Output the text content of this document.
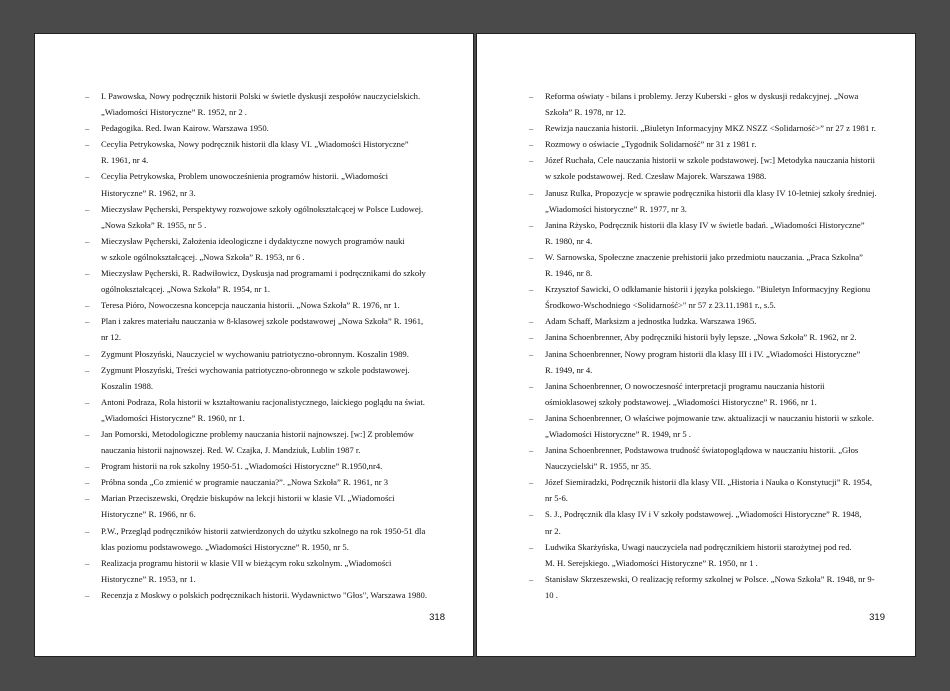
– I. Pawowska, Nowy podręcznik historii Polski w świetle dyskusji zespołów nauczycielskich.
„Wiadomości Historyczne” R. 1952, nr 2 .
– Pedagogika. Red. Iwan Kairow. Warszawa 1950.
– Cecylia Petrykowska, Nowy podręcznik historii dla klasy VI. „Wiadomości Historyczne”
R. 1961, nr 4.
– Cecylia Petrykowska, Problem unowocześnienia programów historii. „Wiadomości
Historyczne” R. 1962, nr 3.
– Mieczysław Pęcherski, Perspektywy rozwojowe szkoły ogólnokształcącej w Polsce Ludowej.
„Nowa Szkoła” R. 1955, nr 5 .
– Mieczysław Pęcherski, Założenia ideologiczne i dydaktyczne nowych programów nauki
w szkole ogólnokształcącej. „Nowa Szkoła” R. 1953, nr 6 .
– Mieczysław Pęcherski, R. Radwiłowicz, Dyskusja nad programami i podręcznikami do szkoły
ogólnokształcącej. „Nowa Szkoła” R. 1954, nr 1.
– Teresa Pióro, Nowoczesna koncepcja nauczania historii. „Nowa Szkoła” R. 1976, nr 1.
– Plan i zakres materiału nauczania w 8-klasowej szkole podstawowej „Nowa Szkoła” R. 1961,
nr 12.
– Zygmunt Płoszyński, Nauczyciel w wychowaniu patriotyczno-obronnym. Koszalin 1989.
– Zygmunt Płoszyński, Treści wychowania patriotyczno-obronnego w szkole podstawowej.
Koszalin 1988.
– Antoni Podraza, Rola historii w kształtowaniu racjonalistycznego, laickiego poglądu na świat.
„Wiadomości Historyczne” R. 1960, nr 1.
– Jan Pomorski, Metodologiczne problemy nauczania historii najnowszej. [w:] Z problemów
nauczania historii najnowszej. Red. W. Czajka, J. Mandziuk, Lublin 1987 r.
– Program historii na rok szkolny 1950-51. „Wiadomości Historyczne” R.1950,nr4.
– Próbna sonda „Co zmienić w programie nauczania?”. „Nowa Szkoła” R. 1961, nr 3
– Marian Przeciszewski, Orędzie biskupów na lekcji historii w klasie VI. „Wiadomości
Historyczne” R. 1966, nr 6.
– P.W., Przegląd podręczników historii zatwierdzonych do użytku szkolnego na rok 1950-51 dla
klas poziomu podstawowego. „Wiadomości Historyczne” R. 1950, nr 5.
– Realizacja programu historii w klasie VII w bieżącym roku szkolnym. „Wiadomości
Historyczne” R. 1953, nr 1.
– Recenzja z Moskwy o polskich podręcznikach historii. Wydawnictwo "Głos", Warszawa 1980.
318
– Reforma oświaty - bilans i problemy. Jerzy Kuberski - głos w dyskusji redakcyjnej. „Nowa
Szkoła” R. 1978, nr 12.
– Rewizja nauczania historii. „Biuletyn Informacyjny MKZ NSZZ <Solidarność>” nr 27 z 1981 r.
– Rozmowy o oświacie „Tygodnik Solidarność” nr 31 z 1981 r.
– Józef Ruchała, Cele nauczania historii w szkole podstawowej. [w:] Metodyka nauczania historii
w szkole podstawowej. Red. Czesław Majorek. Warszawa 1988.
– Janusz Rulka, Propozycje w sprawie podręcznika historii dla klasy IV 10-letniej szkoły średniej.
„Wiadomości historyczne” R. 1977, nr 3.
– Janina Rżysko, Podręcznik historii dla klasy IV w świetle badań. „Wiadomości Historyczne”
R. 1980, nr 4.
– W. Sarnowska, Społeczne znaczenie prehistorii jako przedmiotu nauczania. „Praca Szkolna”
R. 1946, nr 8.
– Krzysztof Sawicki, O odkłamanie historii i języka polskiego. "Biuletyn Informacyjny Regionu
Środkowo-Wschodniego <Solidarność>" nr 57 z 23.11.1981 r., s.5.
– Adam Schaff, Marksizm a jednostka ludzka. Warszawa 1965.
– Janina Schoenbrenner, Aby podręczniki historii były lepsze. „Nowa Szkoła” R. 1962, nr 2.
– Janina Schoenbrenner, Nowy program historii dla klasy III i IV. „Wiadomości Historyczne”
R. 1949, nr 4.
– Janina Schoenbrenner, O nowoczesność interpretacji programu nauczania historii
ośmioklasowej szkoły podstawowej. „Wiadomości Historyczne” R. 1966, nr 1.
– Janina Schoenbrenner, O właściwe pojmowanie tzw. aktualizacji w nauczaniu historii w szkole.
„Wiadomości Historyczne” R. 1949, nr 5 .
– Janina Schoenbrenner, Podstawowa trudność światopoglądowa w nauczaniu historii. „Głos
Nauczycielski” R. 1955, nr 35.
– Józef Siemiradzki, Podręcznik historii dla klasy VII. „Historia i Nauka o Konstytucji” R. 1954,
nr 5-6.
– S. J., Podręcznik dla klasy IV i V szkoły podstawowej. „Wiadomości Historyczne” R. 1948,
nr 2.
– Ludwika Skarżyńska, Uwagi nauczyciela nad podręcznikiem historii starożytnej pod red.
M. H. Serejskiego. „Wiadomości Historyczne” R. 1950, nr 1 .
– Stanisław Skrzeszewski, O realizację reformy szkolnej w Polsce. „Nowa Szkoła” R. 1948, nr 9-
10 .
319
